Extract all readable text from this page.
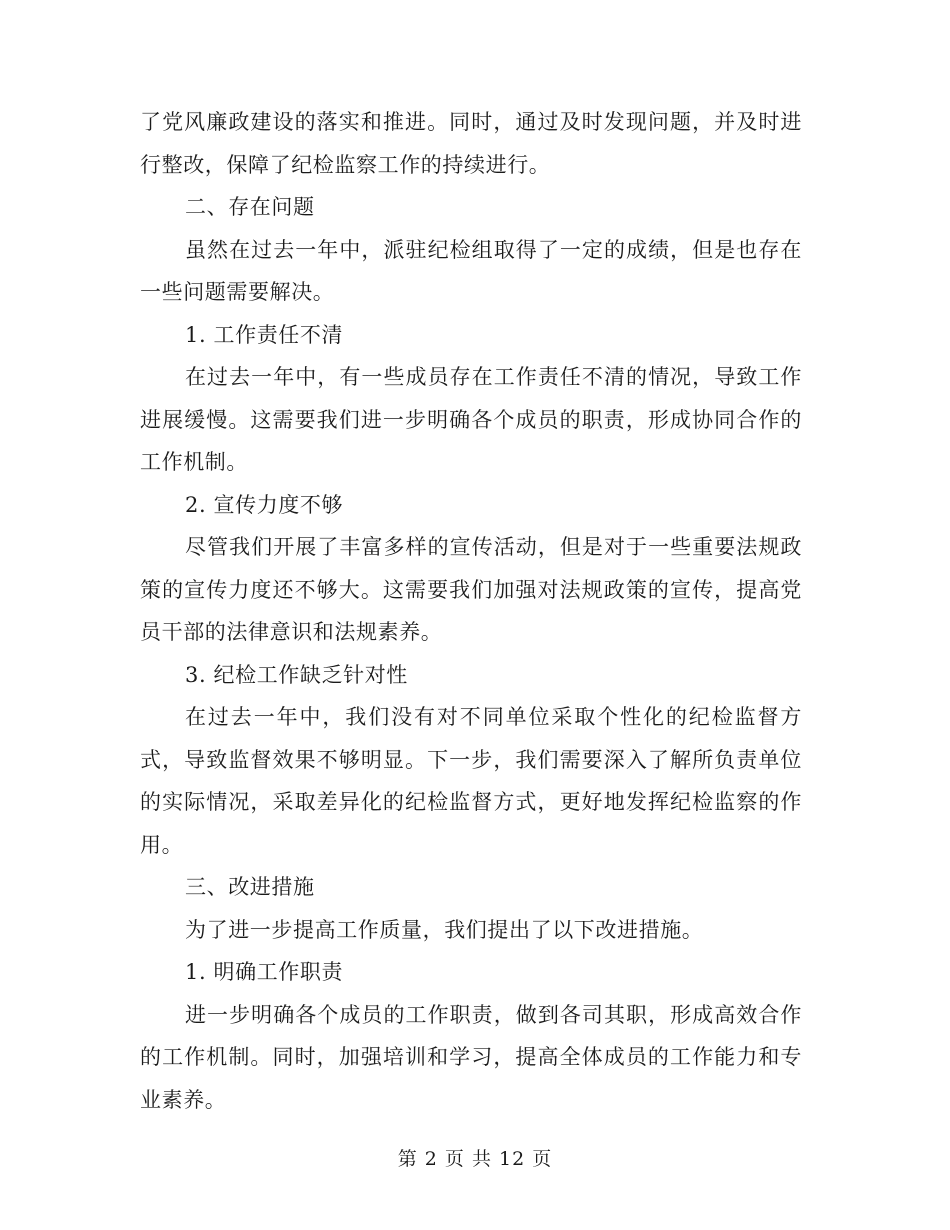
了党风廉政建设的落实和推进。同时，通过及时发现问题，并及时进行整改，保障了纪检监察工作的持续进行。

二、存在问题

虽然在过去一年中，派驻纪检组取得了一定的成绩，但是也存在一些问题需要解决。

1. 工作责任不清

在过去一年中，有一些成员存在工作责任不清的情况，导致工作进展缓慢。这需要我们进一步明确各个成员的职责，形成协同合作的工作机制。

2. 宣传力度不够

尽管我们开展了丰富多样的宣传活动，但是对于一些重要法规政策的宣传力度还不够大。这需要我们加强对法规政策的宣传，提高党员干部的法律意识和法规素养。

3. 纪检工作缺乏针对性

在过去一年中，我们没有对不同单位采取个性化的纪检监督方式，导致监督效果不够明显。下一步，我们需要深入了解所负责单位的实际情况，采取差异化的纪检监督方式，更好地发挥纪检监察的作用。

三、改进措施

为了进一步提高工作质量，我们提出了以下改进措施。

1. 明确工作职责

进一步明确各个成员的工作职责，做到各司其职，形成高效合作的工作机制。同时，加强培训和学习，提高全体成员的工作能力和专业素养。

第 2 页 共 12 页
